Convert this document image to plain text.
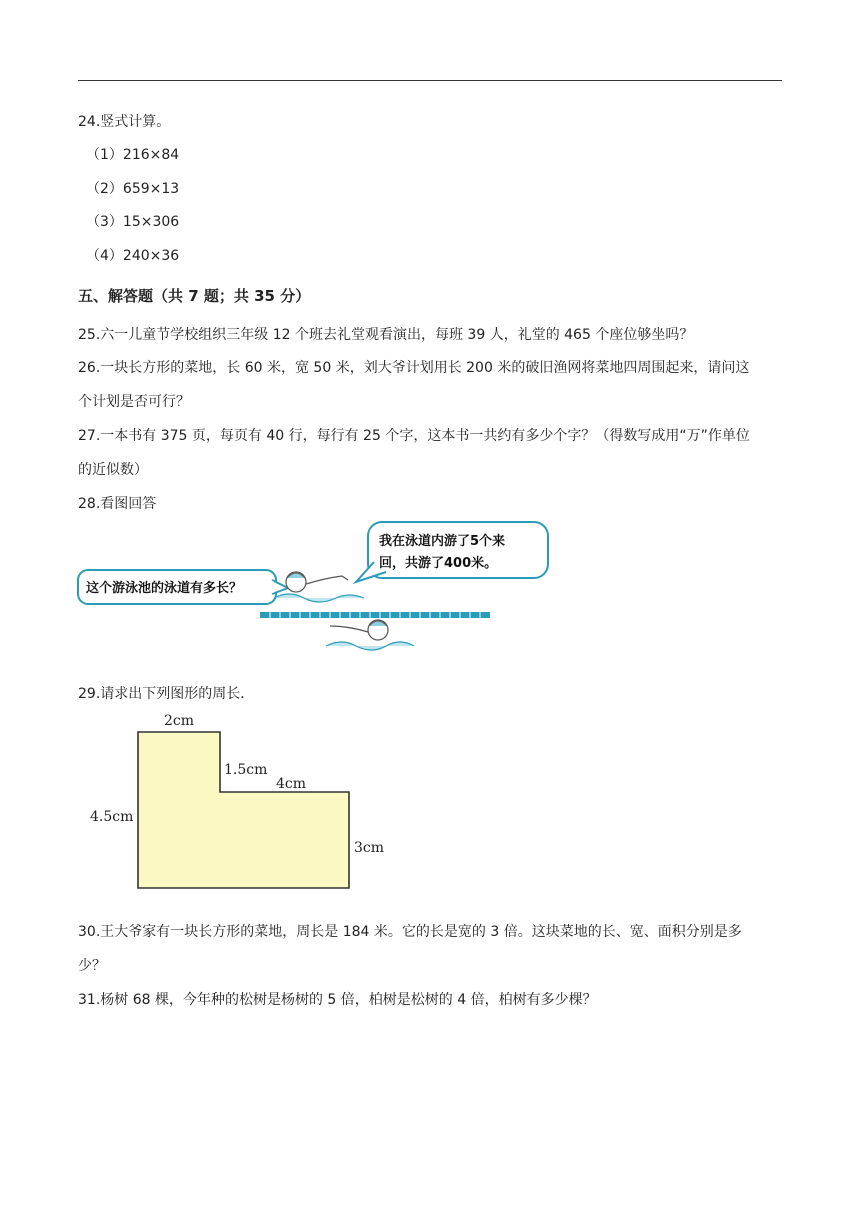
24.竖式计算。
（1）216×84
（2）659×13
（3）15×306
（4）240×36
五、解答题（共 7 题；共 35 分）
25.六一儿童节学校组织三年级 12 个班去礼堂观看演出，每班 39 人，礼堂的 465 个座位够坐吗？
26.一块长方形的菜地，长 60 米，宽 50 米，刘大爷计划用长 200 米的破旧渔网将菜地四周围起来，请问这
个计划是否可行？
27.一本书有 375 页，每页有 40 行，每行有 25 个字，这本书一共约有多少个字？（得数写成用“万”作单位
的近似数）
28.看图回答
这个游泳池的泳道有多长？
我在泳道内游了5个来
回，共游了400米。
29.请求出下列图形的周长．
2cm
1.5cm
4cm
4.5cm
3cm
30.王大爷家有一块长方形的菜地，周长是 184 米。它的长是宽的 3 倍。这块菜地的长、宽、面积分别是多
少？
31.杨树 68 棵，今年种的松树是杨树的 5 倍，柏树是松树的 4 倍，柏树有多少棵？
